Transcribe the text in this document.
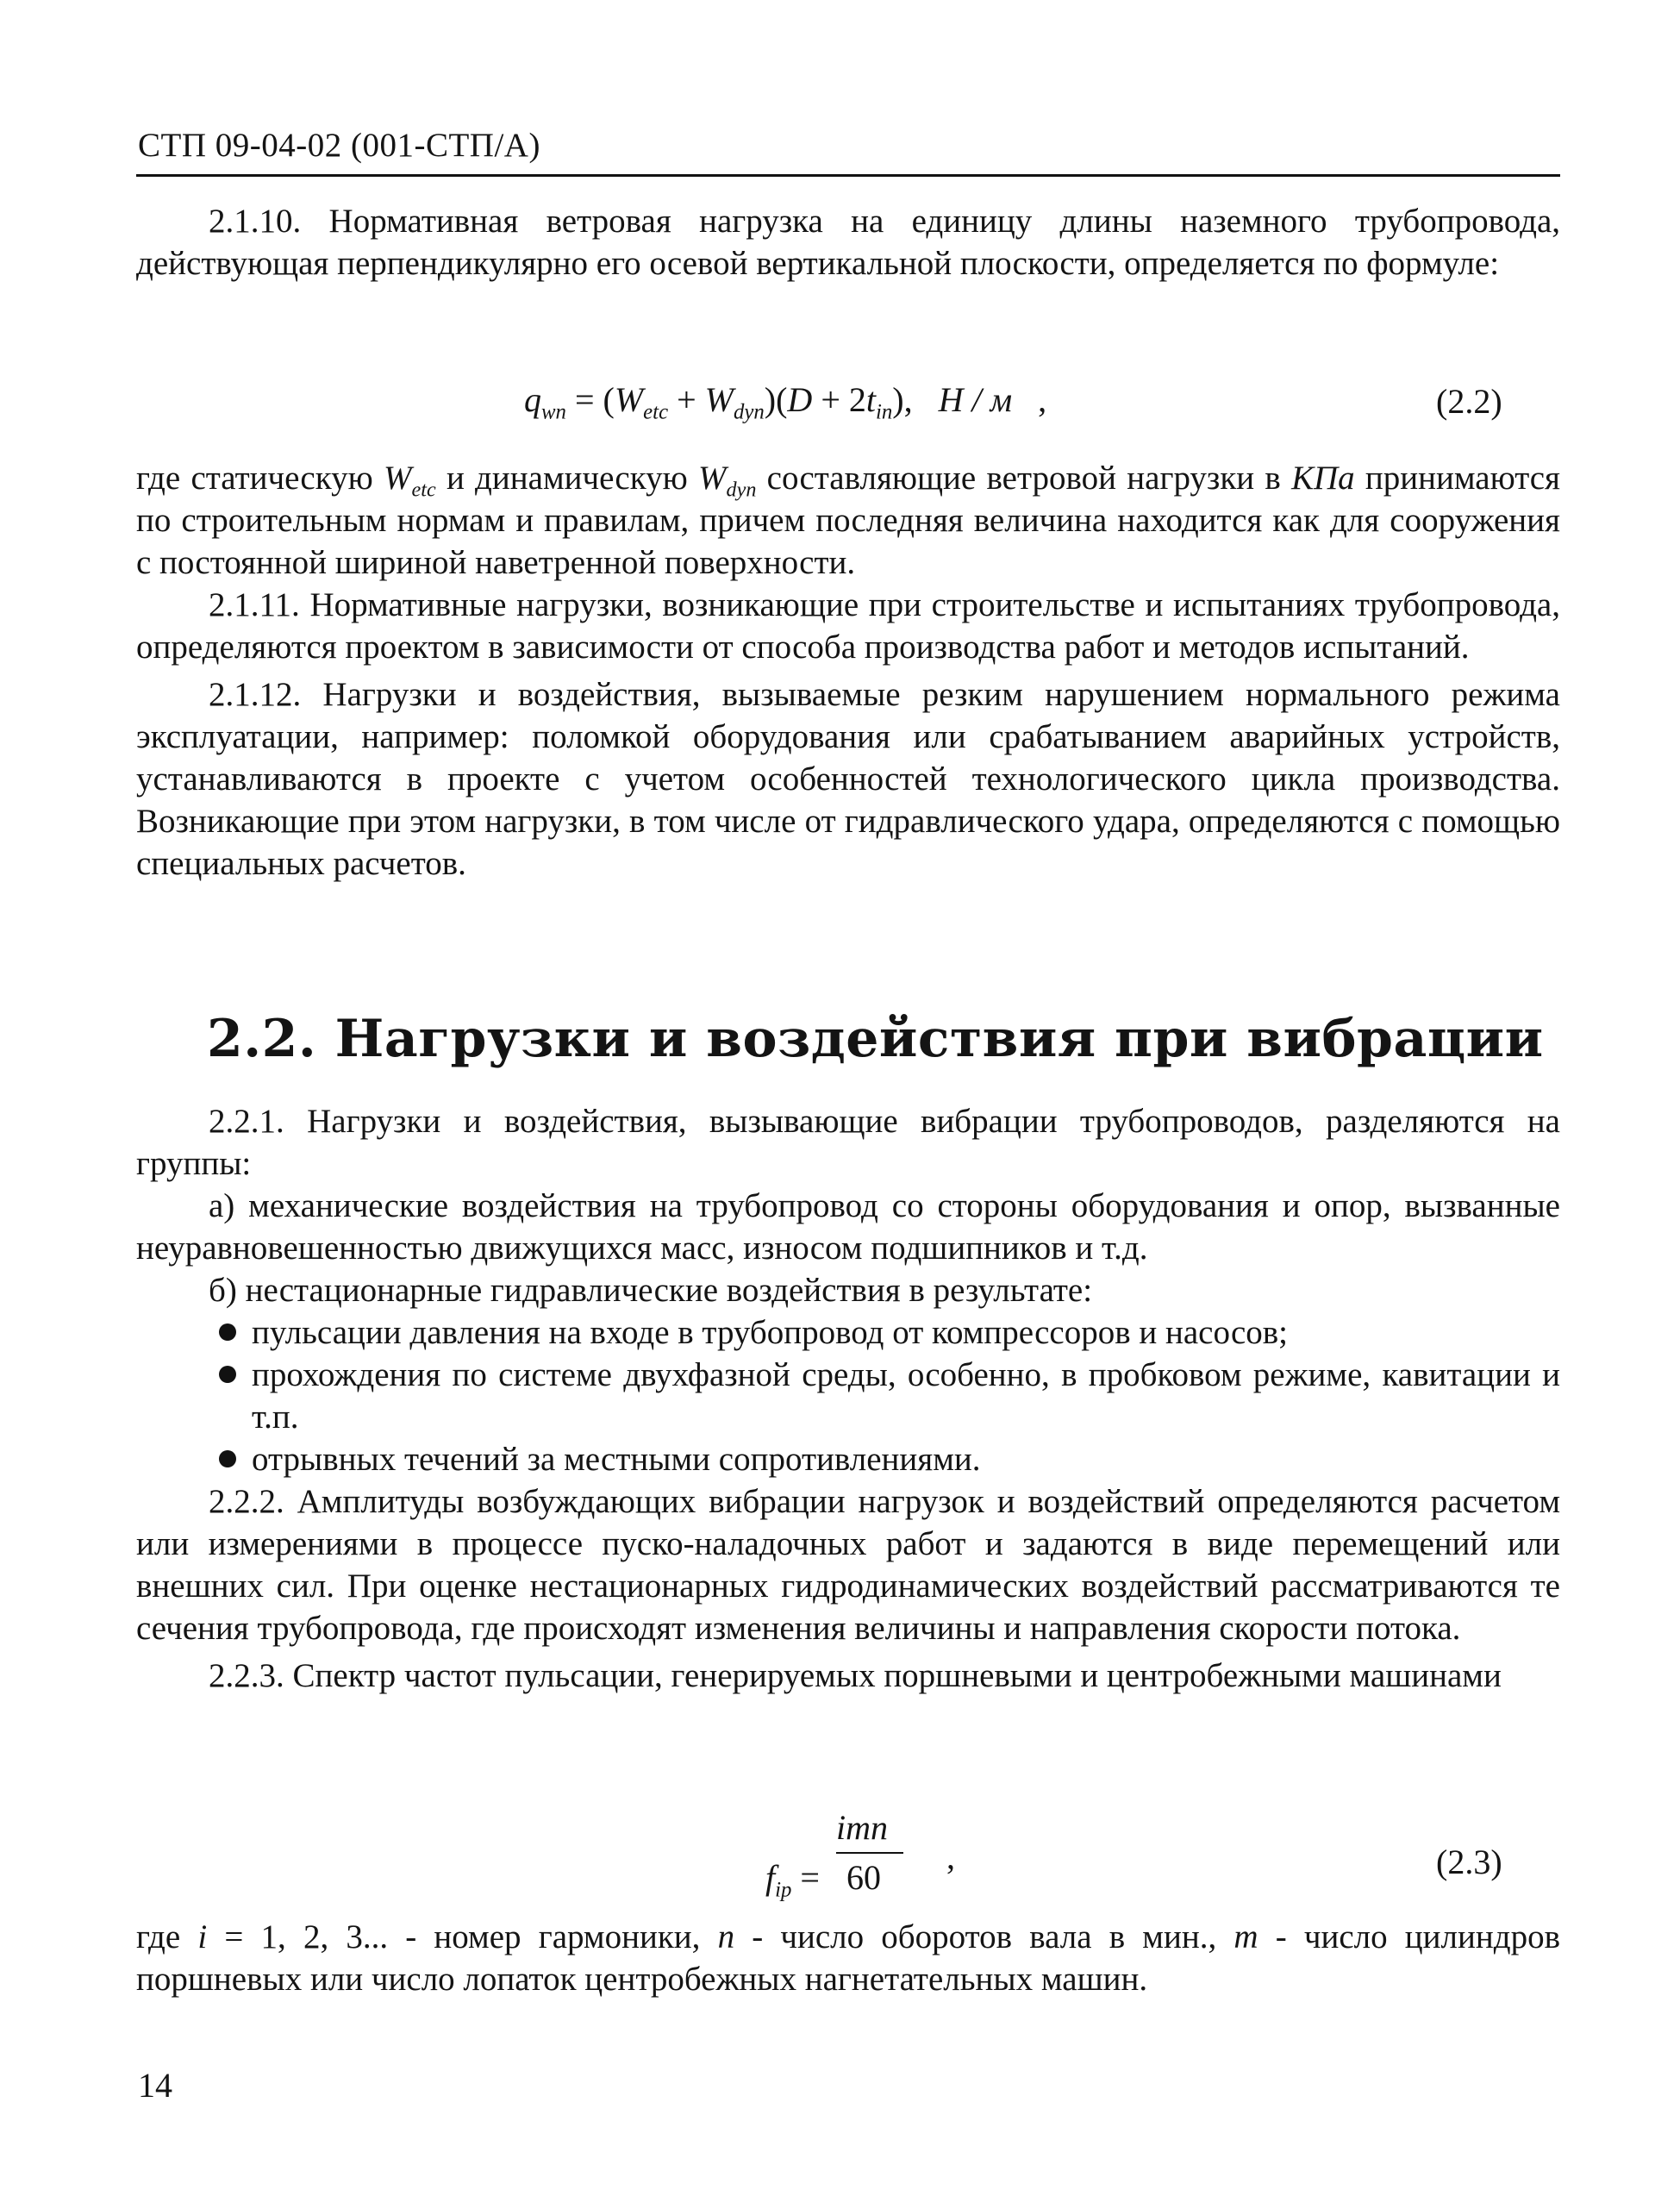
СТП 09-04-02 (001-СТП/А)

2.1.10. Нормативная ветровая нагрузка на единицу длины наземного трубопровода, действующая перпендикулярно его осевой вертикальной плоскости, определяется по формуле:

$q_{wn} = (W_{etc} + W_{dyn})(D + 2t_{in})$, Н / м ,	(2.2)

где статическую $W_{etc}$ и динамическую $W_{dyn}$ составляющие ветровой нагрузки в КПа принимаются по строительным нормам и правилам, причем последняя величина находится как для сооружения с постоянной шириной наветренной поверхности.

2.1.11. Нормативные нагрузки, возникающие при строительстве и испытаниях трубопровода, определяются проектом в зависимости от способа производства работ и методов испытаний.

2.1.12. Нагрузки и воздействия, вызываемые резким нарушением нормального режима эксплуатации, например: поломкой оборудования или срабатыванием аварийных устройств, устанавливаются в проекте с учетом особенностей технологического цикла производства. Возникающие при этом нагрузки, в том числе от гидравлического удара, определяются с помощью специальных расчетов.

2.2. Нагрузки и воздействия при вибрации

2.2.1. Нагрузки и воздействия, вызывающие вибрации трубопроводов, разделяются на группы:

а) механические воздействия на трубопровод со стороны оборудования и опор, вызванные неуравновешенностью движущихся масс, износом подшипников и т.д.

б) нестационарные гидравлические воздействия в результате:

пульсации давления на входе в трубопровод от компрессоров и насосов;
прохождения по системе двухфазной среды, особенно, в пробковом режиме, кавитации и т.п.
отрывных течений за местными сопротивлениями.

2.2.2. Амплитуды возбуждающих вибрации нагрузок и воздействий определяются расчетом или измерениями в процессе пуско-наладочных работ и задаются в виде перемещений или внешних сил. При оценке нестационарных гидродинамических воздействий рассматриваются те сечения трубопровода, где происходят изменения величины и направления скорости потока.

2.2.3. Спектр частот пульсации, генерируемых поршневыми и центробежными машинами

$f_{ip}$ =
imn
60
,	(2.3)

где i = 1, 2, 3... - номер гармоники, n - число оборотов вала в мин., m - число цилиндров поршневых или число лопаток центробежных нагнетательных машин.

14
